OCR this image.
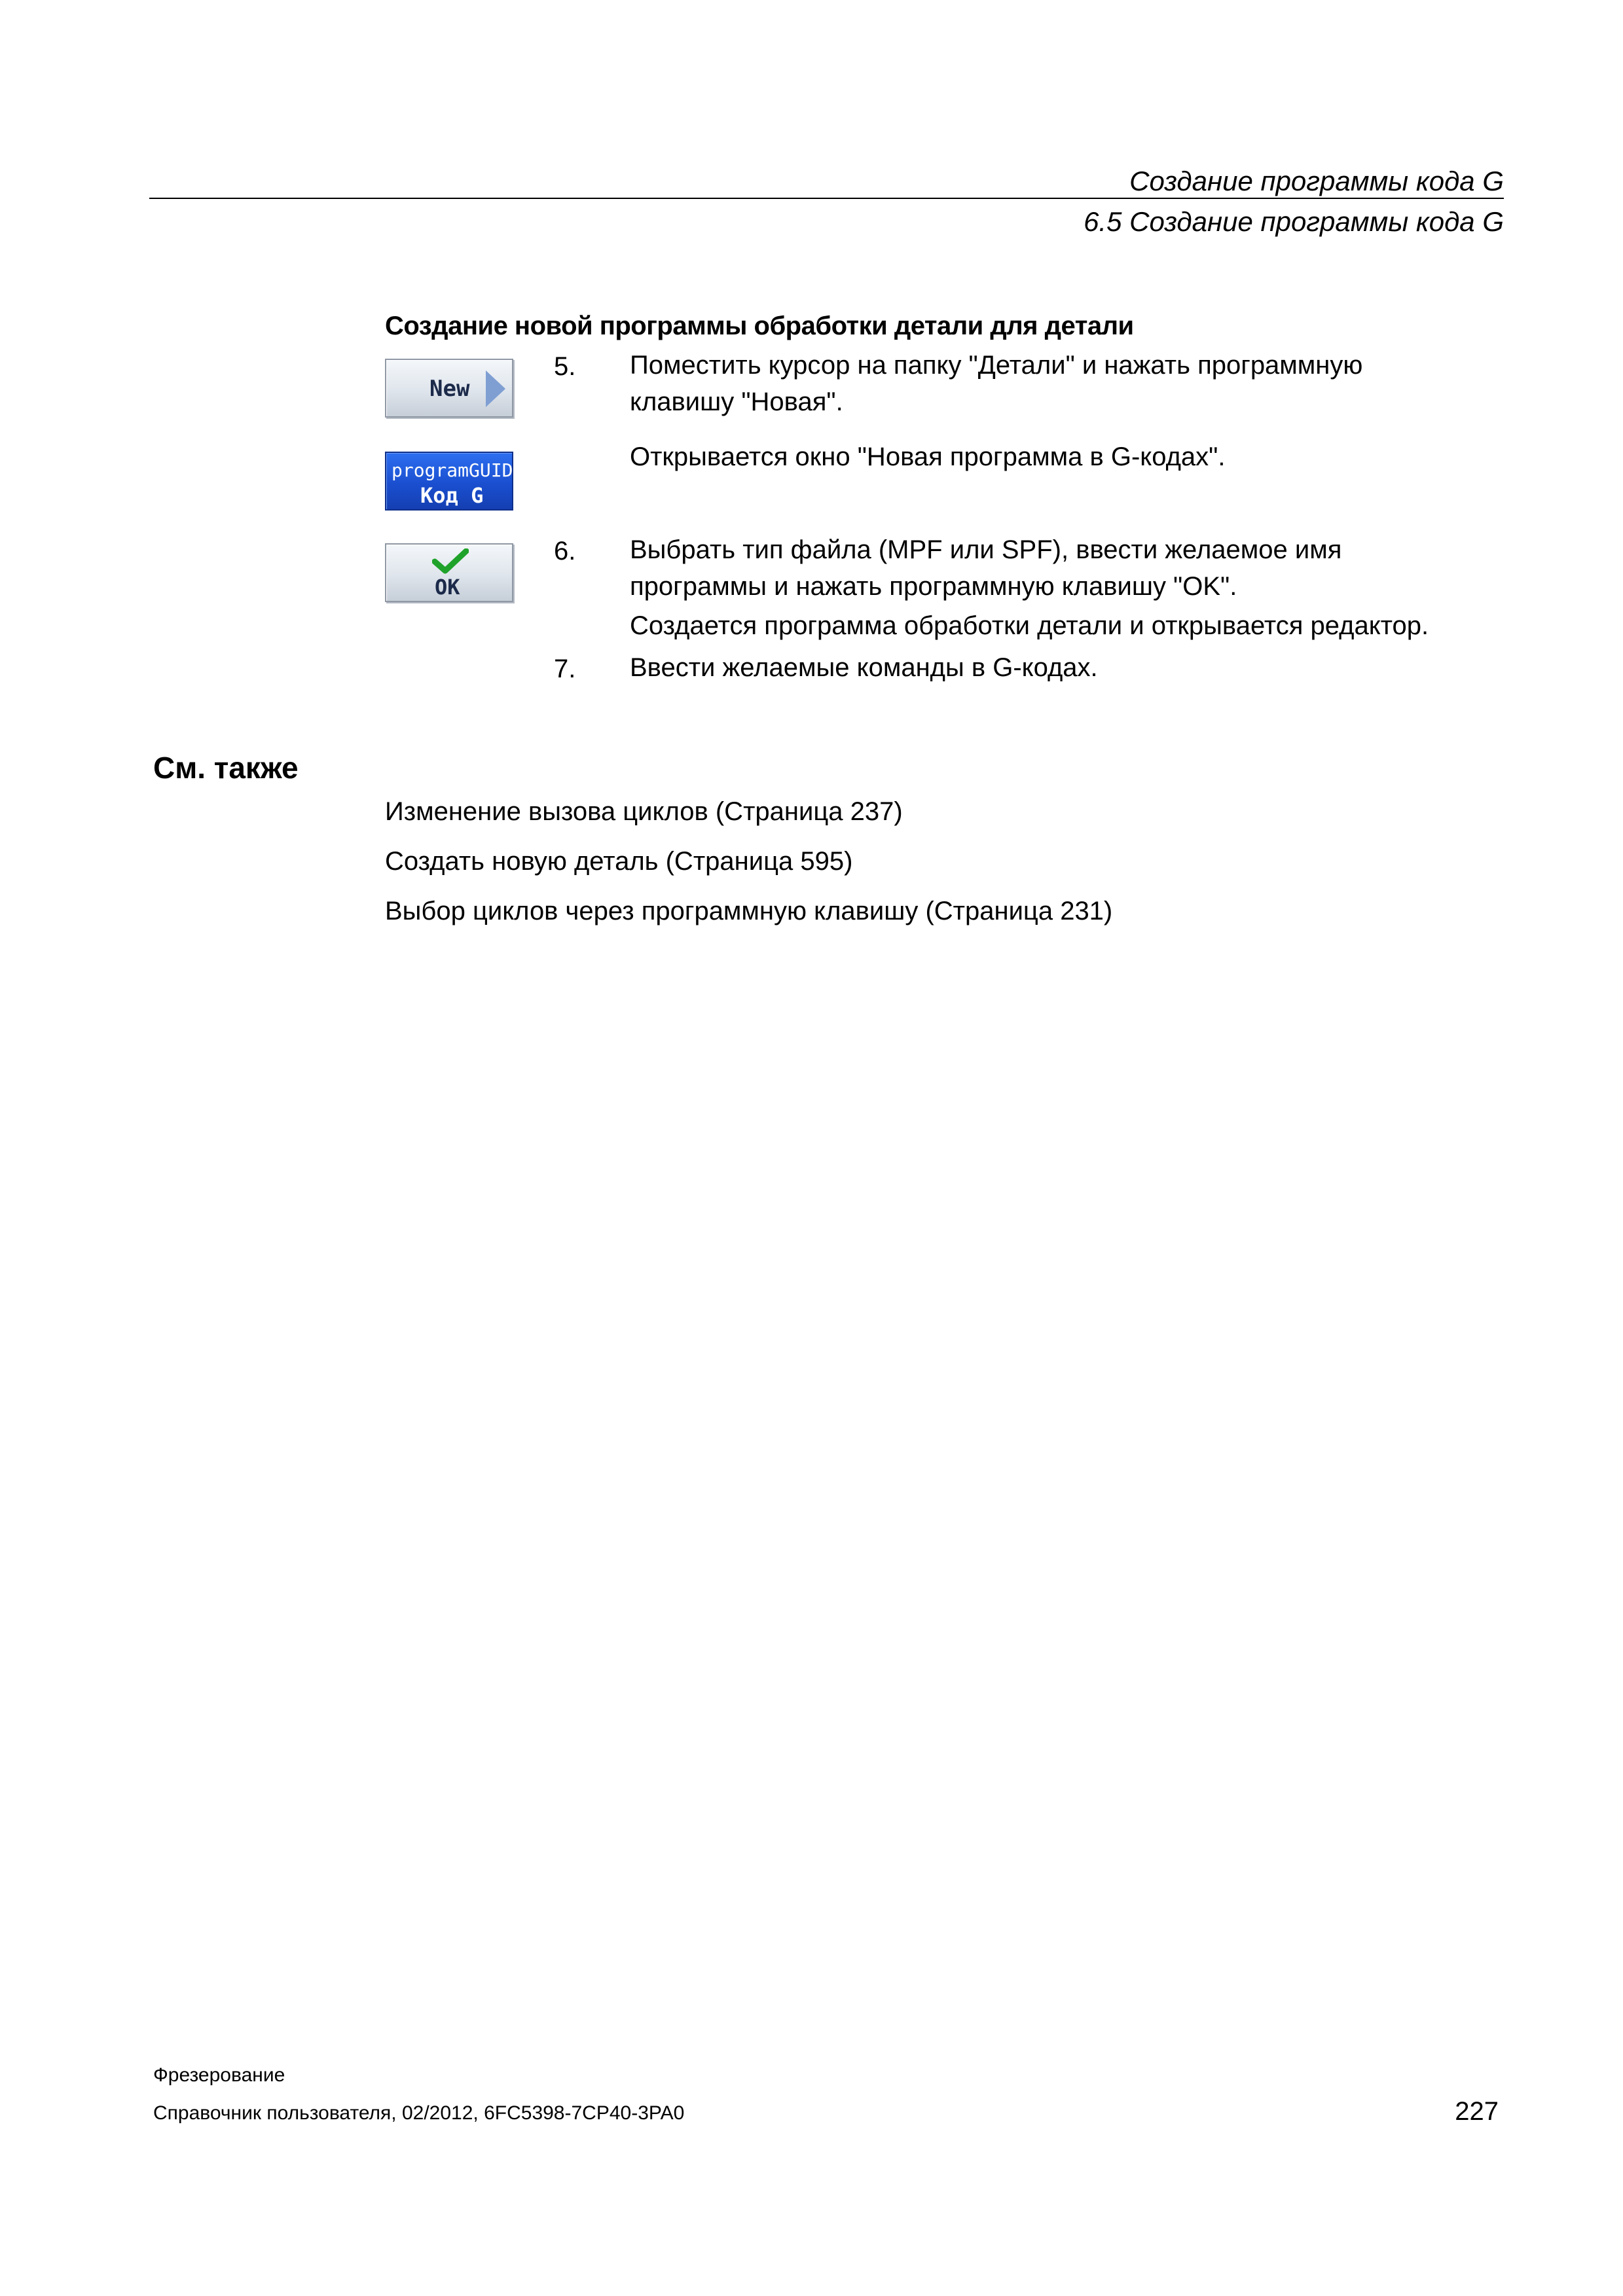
Создание программы кода G
6.5 Создание программы кода G
Создание новой программы обработки детали для детали
New
programGUIDE
Код G
OK
5. Поместить курсор на папку "Детали" и нажать программную
клавишу "Новая".
Открывается окно "Новая программа в G-кодах".
6. Выбрать тип файла (MPF или SPF), ввести желаемое имя
программы и нажать программную клавишу "OK".
Создается программа обработки детали и открывается редактор.
7. Ввести желаемые команды в G-кодах.
См. также
Изменение вызова циклов (Страница 237)
Создать новую деталь (Страница 595)
Выбор циклов через программную клавишу (Страница 231)
Фрезерование
Справочник пользователя, 02/2012, 6FC5398-7CP40-3PA0	227
